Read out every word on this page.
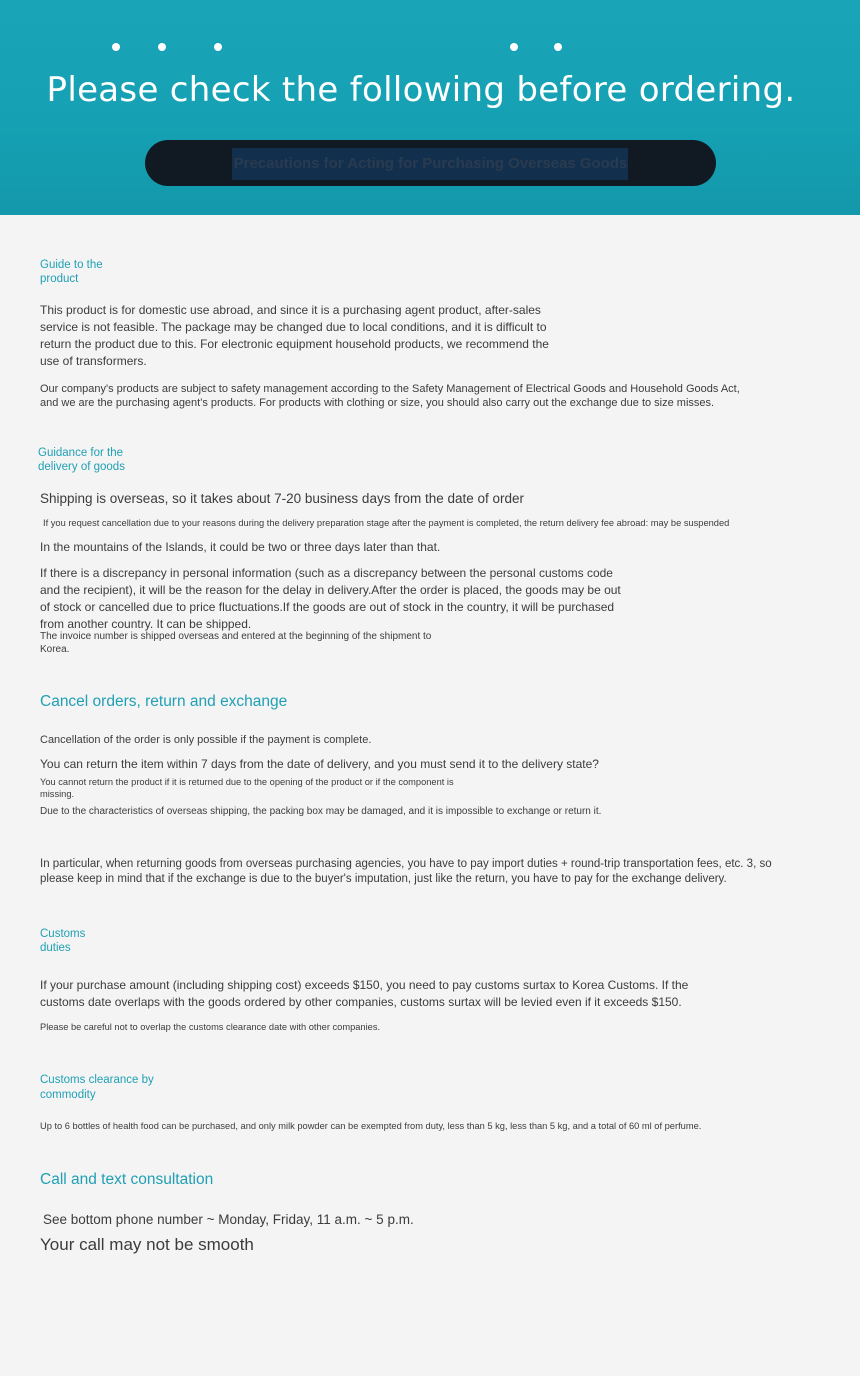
Please check the following before ordering.
Precautions for Acting for Purchasing Overseas Goods
Guide to the
product
This product is for domestic use abroad, and since it is a purchasing agent product, after-sales
service is not feasible. The package may be changed due to local conditions, and it is difficult to
return the product due to this. For electronic equipment household products, we recommend the
use of transformers.
Our company's products are subject to safety management according to the Safety Management of Electrical Goods and Household Goods Act,
and we are the purchasing agent's products. For products with clothing or size, you should also carry out the exchange due to size misses.
Guidance for the
delivery of goods
Shipping is overseas, so it takes about 7-20 business days from the date of order
If you request cancellation due to your reasons during the delivery preparation stage after the payment is completed, the return delivery fee abroad: may be suspended
In the mountains of the Islands, it could be two or three days later than that.
If there is a discrepancy in personal information (such as a discrepancy between the personal customs code
and the recipient), it will be the reason for the delay in delivery.After the order is placed, the goods may be out
of stock or cancelled due to price fluctuations.If the goods are out of stock in the country, it will be purchased
from another country. It can be shipped.
The invoice number is shipped overseas and entered at the beginning of the shipment to
Korea.
Cancel orders, return and exchange
Cancellation of the order is only possible if the payment is complete.
You can return the item within 7 days from the date of delivery, and you must send it to the delivery state?
You cannot return the product if it is returned due to the opening of the product or if the component is
missing.
Due to the characteristics of overseas shipping, the packing box may be damaged, and it is impossible to exchange or return it.
In particular, when returning goods from overseas purchasing agencies, you have to pay import duties + round-trip transportation fees, etc. 3, so
please keep in mind that if the exchange is due to the buyer's imputation, just like the return, you have to pay for the exchange delivery.
Customs
duties
If your purchase amount (including shipping cost) exceeds $150, you need to pay customs surtax to Korea Customs. If the
customs date overlaps with the goods ordered by other companies, customs surtax will be levied even if it exceeds $150.
Please be careful not to overlap the customs clearance date with other companies.
Customs clearance by
commodity
Up to 6 bottles of health food can be purchased, and only milk powder can be exempted from duty, less than 5 kg, less than 5 kg, and a total of 60 ml of perfume.
Call and text consultation
See bottom phone number ~ Monday, Friday, 11 a.m. ~ 5 p.m.
Your call may not be smooth
